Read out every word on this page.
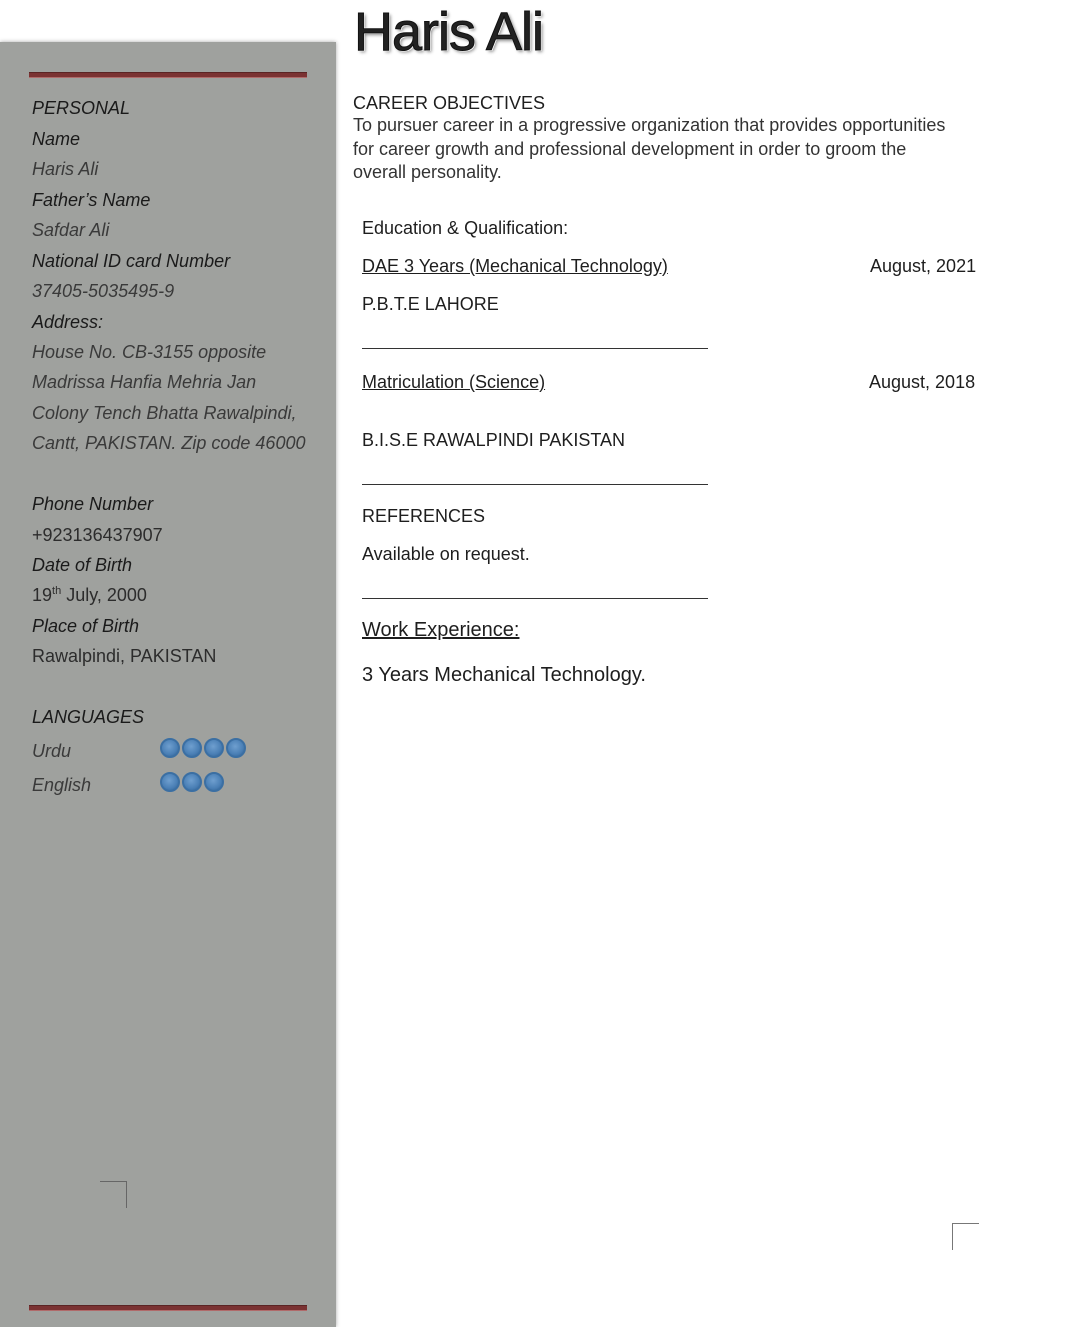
Haris Ali
PERSONAL
Name
Haris Ali
Father’s Name
Safdar Ali
National ID card Number
37405-5035495-9
Address:
House No. CB-3155 opposite
Madrissa Hanfia Mehria Jan
Colony Tench Bhatta Rawalpindi,
Cantt, PAKISTAN. Zip code 46000
Phone Number
+923136437907
Date of Birth
19th July, 2000
Place of Birth
Rawalpindi, PAKISTAN
LANGUAGES
Urdu
English
CAREER OBJECTIVES
To pursuer career in a progressive organization that provides opportunities for career growth and professional development in order to groom the overall personality.
Education & Qualification:
DAE 3 Years (Mechanical Technology)	August, 2021
P.B.T.E LAHORE
Matriculation (Science)	August, 2018
B.I.S.E RAWALPINDI PAKISTAN
REFERENCES
Available on request.
Work Experience:
3 Years Mechanical Technology.
